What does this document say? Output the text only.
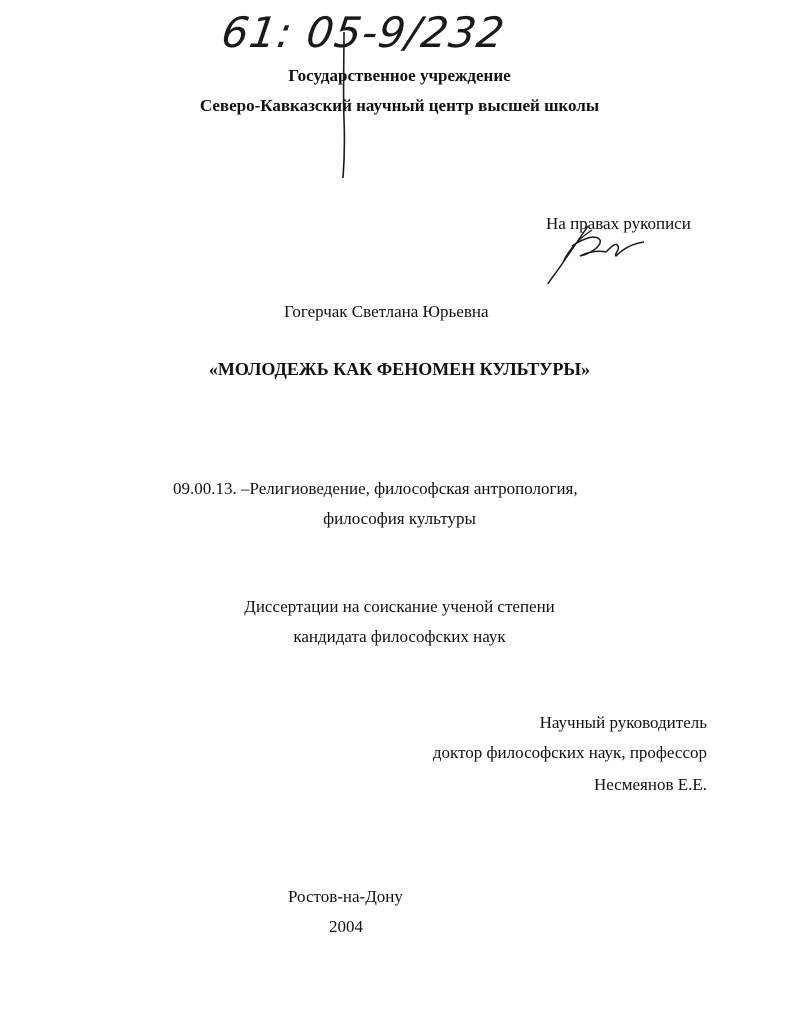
61: 05-9/232
Государственное учреждение
Северо-Кавказский научный центр высшей школы
На правах рукописи
Гогерчак Светлана Юрьевна
«МОЛОДЕЖЬ КАК ФЕНОМЕН КУЛЬТУРЫ»
09.00.13. –Религиоведение, философская антропология,
философия культуры
Диссертации на соискание ученой степени
кандидата философских наук
Научный руководитель
доктор философских наук, профессор
Несмеянов Е.Е.
Ростов-на-Дону
2004
